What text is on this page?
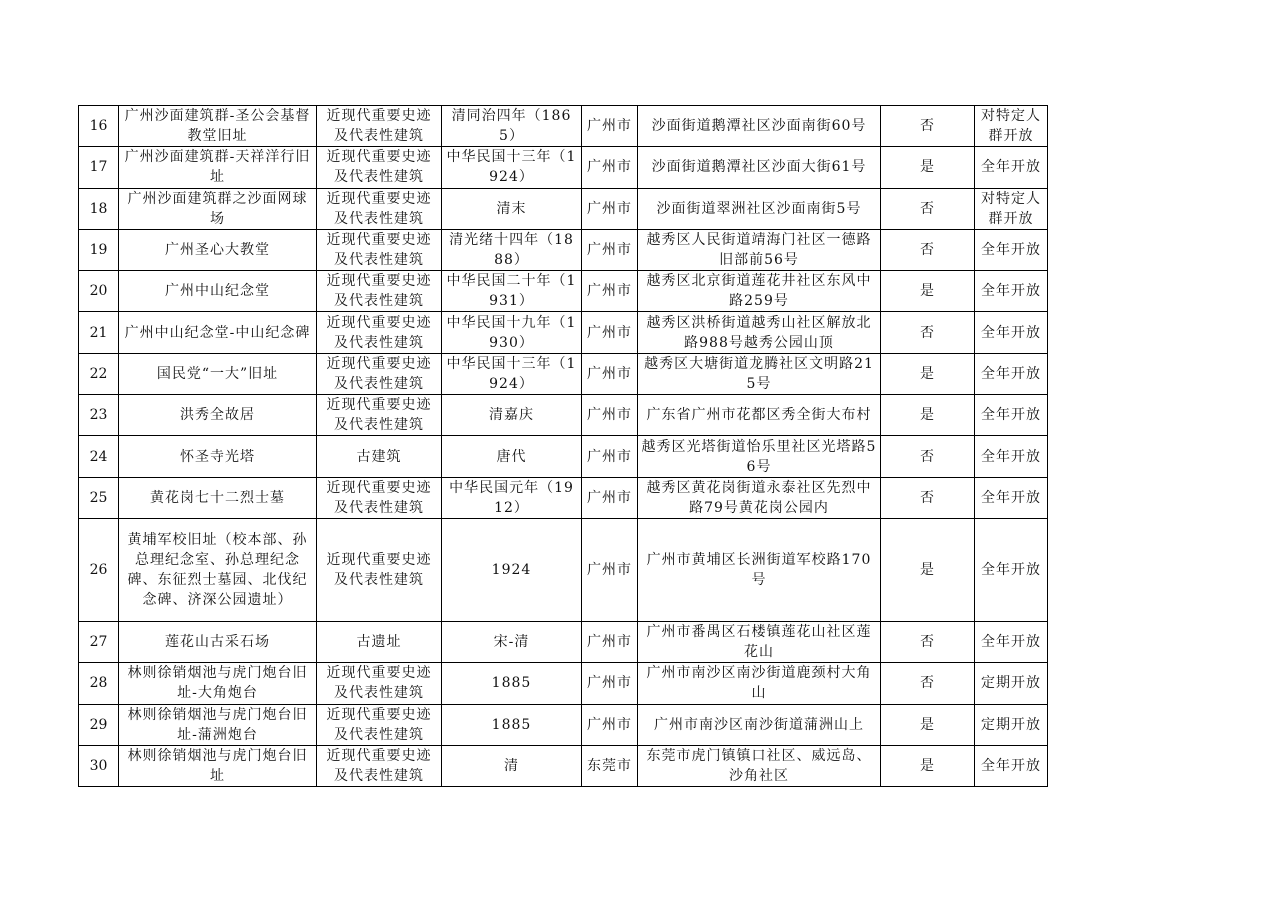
16	广州沙面建筑群-圣公会基督教堂旧址	近现代重要史迹及代表性建筑	清同治四年（1865）	广州市	沙面街道鹅潭社区沙面南街60号	否	对特定人群开放
17	广州沙面建筑群-天祥洋行旧址	近现代重要史迹及代表性建筑	中华民国十三年（1924）	广州市	沙面街道鹅潭社区沙面大街61号	是	全年开放
18	广州沙面建筑群之沙面网球场	近现代重要史迹及代表性建筑	清末	广州市	沙面街道翠洲社区沙面南街5号	否	对特定人群开放
19	广州圣心大教堂	近现代重要史迹及代表性建筑	清光绪十四年（1888）	广州市	越秀区人民街道靖海门社区一德路旧部前56号	否	全年开放
20	广州中山纪念堂	近现代重要史迹及代表性建筑	中华民国二十年（1931）	广州市	越秀区北京街道莲花井社区东风中路259号	是	全年开放
21	广州中山纪念堂-中山纪念碑	近现代重要史迹及代表性建筑	中华民国十九年（1930）	广州市	越秀区洪桥街道越秀山社区解放北路988号越秀公园山顶	否	全年开放
22	国民党“一大”旧址	近现代重要史迹及代表性建筑	中华民国十三年（1924）	广州市	越秀区大塘街道龙腾社区文明路215号	是	全年开放
23	洪秀全故居	近现代重要史迹及代表性建筑	清嘉庆	广州市	广东省广州市花都区秀全街大布村	是	全年开放
24	怀圣寺光塔	古建筑	唐代	广州市	越秀区光塔街道怡乐里社区光塔路56号	否	全年开放
25	黄花岗七十二烈士墓	近现代重要史迹及代表性建筑	中华民国元年（1912）	广州市	越秀区黄花岗街道永泰社区先烈中路79号黄花岗公园内	否	全年开放
26	黄埔军校旧址（校本部、孙总理纪念室、孙总理纪念碑、东征烈士墓园、北伐纪念碑、济深公园遗址）	近现代重要史迹及代表性建筑	1924	广州市	广州市黄埔区长洲街道军校路170号	是	全年开放
27	莲花山古采石场	古遗址	宋-清	广州市	广州市番禺区石楼镇莲花山社区莲花山	否	全年开放
28	林则徐销烟池与虎门炮台旧址-大角炮台	近现代重要史迹及代表性建筑	1885	广州市	广州市南沙区南沙街道鹿颈村大角山	否	定期开放
29	林则徐销烟池与虎门炮台旧址-蒲洲炮台	近现代重要史迹及代表性建筑	1885	广州市	广州市南沙区南沙街道蒲洲山上	是	定期开放
30	林则徐销烟池与虎门炮台旧址	近现代重要史迹及代表性建筑	清	东莞市	东莞市虎门镇镇口社区、威远岛、沙角社区	是	全年开放
